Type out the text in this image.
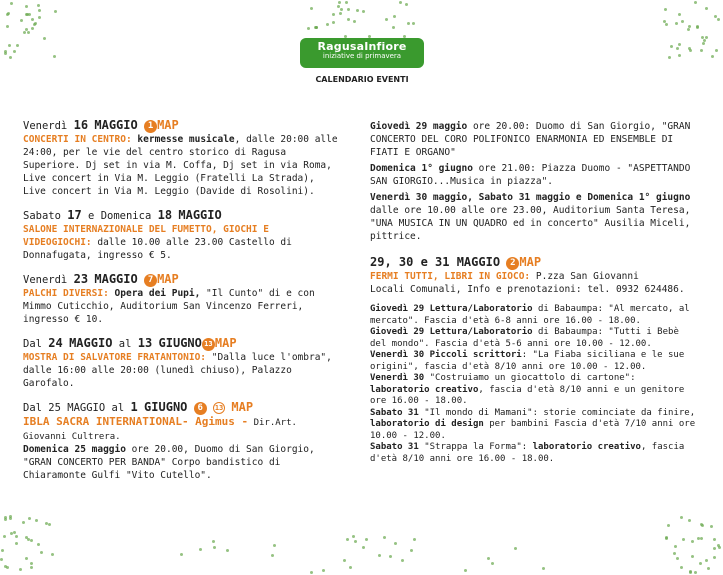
RagusaInfiore
iniziative di primavera
CALENDARIO EVENTI
Venerdì 16 MAGGIO 1 MAP
CONCERTI IN CENTRO: kermesse musicale, dalle 20:00 alle 24:00, per le vie del centro storico di Ragusa Superiore. Dj set in via M. Coffa, Dj set in via Roma, Live concert in Via M. Leggio (Fratelli La Strada), Live concert in Via M. Leggio (Davide di Rosolini).
Sabato 17 e Domenica 18 MAGGIO
SALONE INTERNAZIONALE DEL FUMETTO, GIOCHI E VIDEOGIOCHI: dalle 10.00 alle 23.00 Castello di Donnafugata, ingresso € 5.
Venerdì 23 MAGGIO 7 MAP
PALCHI DIVERSI: Opera dei Pupi, "Il Cunto" di e con Mimmo Cuticchio, Auditorium San Vincenzo Ferreri, ingresso € 10.
Dal 24 MAGGIO al 13 GIUGNO 13 MAP
MOSTRA DI SALVATORE FRATANTONIO: "Dalla luce l'ombra", dalle 16:00 alle 20:00 (lunedì chiuso), Palazzo Garofalo.
Dal 25 MAGGIO al 1 GIUGNO 6 13 MAP
IBLA SACRA INTERNATIONAL- Agimus - Dir.Art. Giovanni Cultrera.
Domenica 25 maggio ore 20.00, Duomo di San Giorgio, "GRAN CONCERTO PER BANDA" Corpo bandistico di Chiaramonte Gulfi "Vito Cutello".
Giovedì 29 maggio ore 20.00: Duomo di San Giorgio, "GRAN CONCERTO DEL CORO POLIFONICO ENARMONIA ED ENSEMBLE DI FIATI E ORGANO"
Domenica 1° giugno ore 21.00: Piazza Duomo - "ASPETTANDO SAN GIORGIO...Musica in piazza".
Venerdì 30 maggio, Sabato 31 maggio e Domenica 1° giugno dalle ore 10.00 alle ore 23.00, Auditorium Santa Teresa, "UNA MUSICA IN UN QUADRO ed in concerto" Ausilia Miceli, pittrice.
29, 30 e 31 MAGGIO 2 MAP
FERMI TUTTI, LIBRI IN GIOCO: P.zza San Giovanni
Locali Comunali, Info e prenotazioni: tel. 0932 624486.
Giovedì 29 Lettura/Laboratorio di Babaumpa: "Al mercato, al mercato". Fascia d'età 6-8 anni ore 16.00 - 18.00.
Giovedì 29 Lettura/Laboratorio di Babaumpa: "Tutti i Bebè del mondo". Fascia d'età 5-6 anni ore 10.00 - 12.00.
Venerdì 30 Piccoli scrittori: "La Fiaba siciliana e le sue origini", fascia d'età 8/10 anni ore 10.00 - 12.00.
Venerdì 30 "Costruiamo un giocattolo di cartone": laboratorio creativo, fascia d'età 8/10 anni e un genitore ore 16.00 - 18.00.
Sabato 31 "Il mondo di Mamani": storie cominciate da finire, laboratorio di design per bambini Fascia d'età 7/10 anni ore 10.00 - 12.00.
Sabato 31 "Strappa la Forma": laboratorio creativo, fascia d'età 8/10 anni ore 16.00 - 18.00.
